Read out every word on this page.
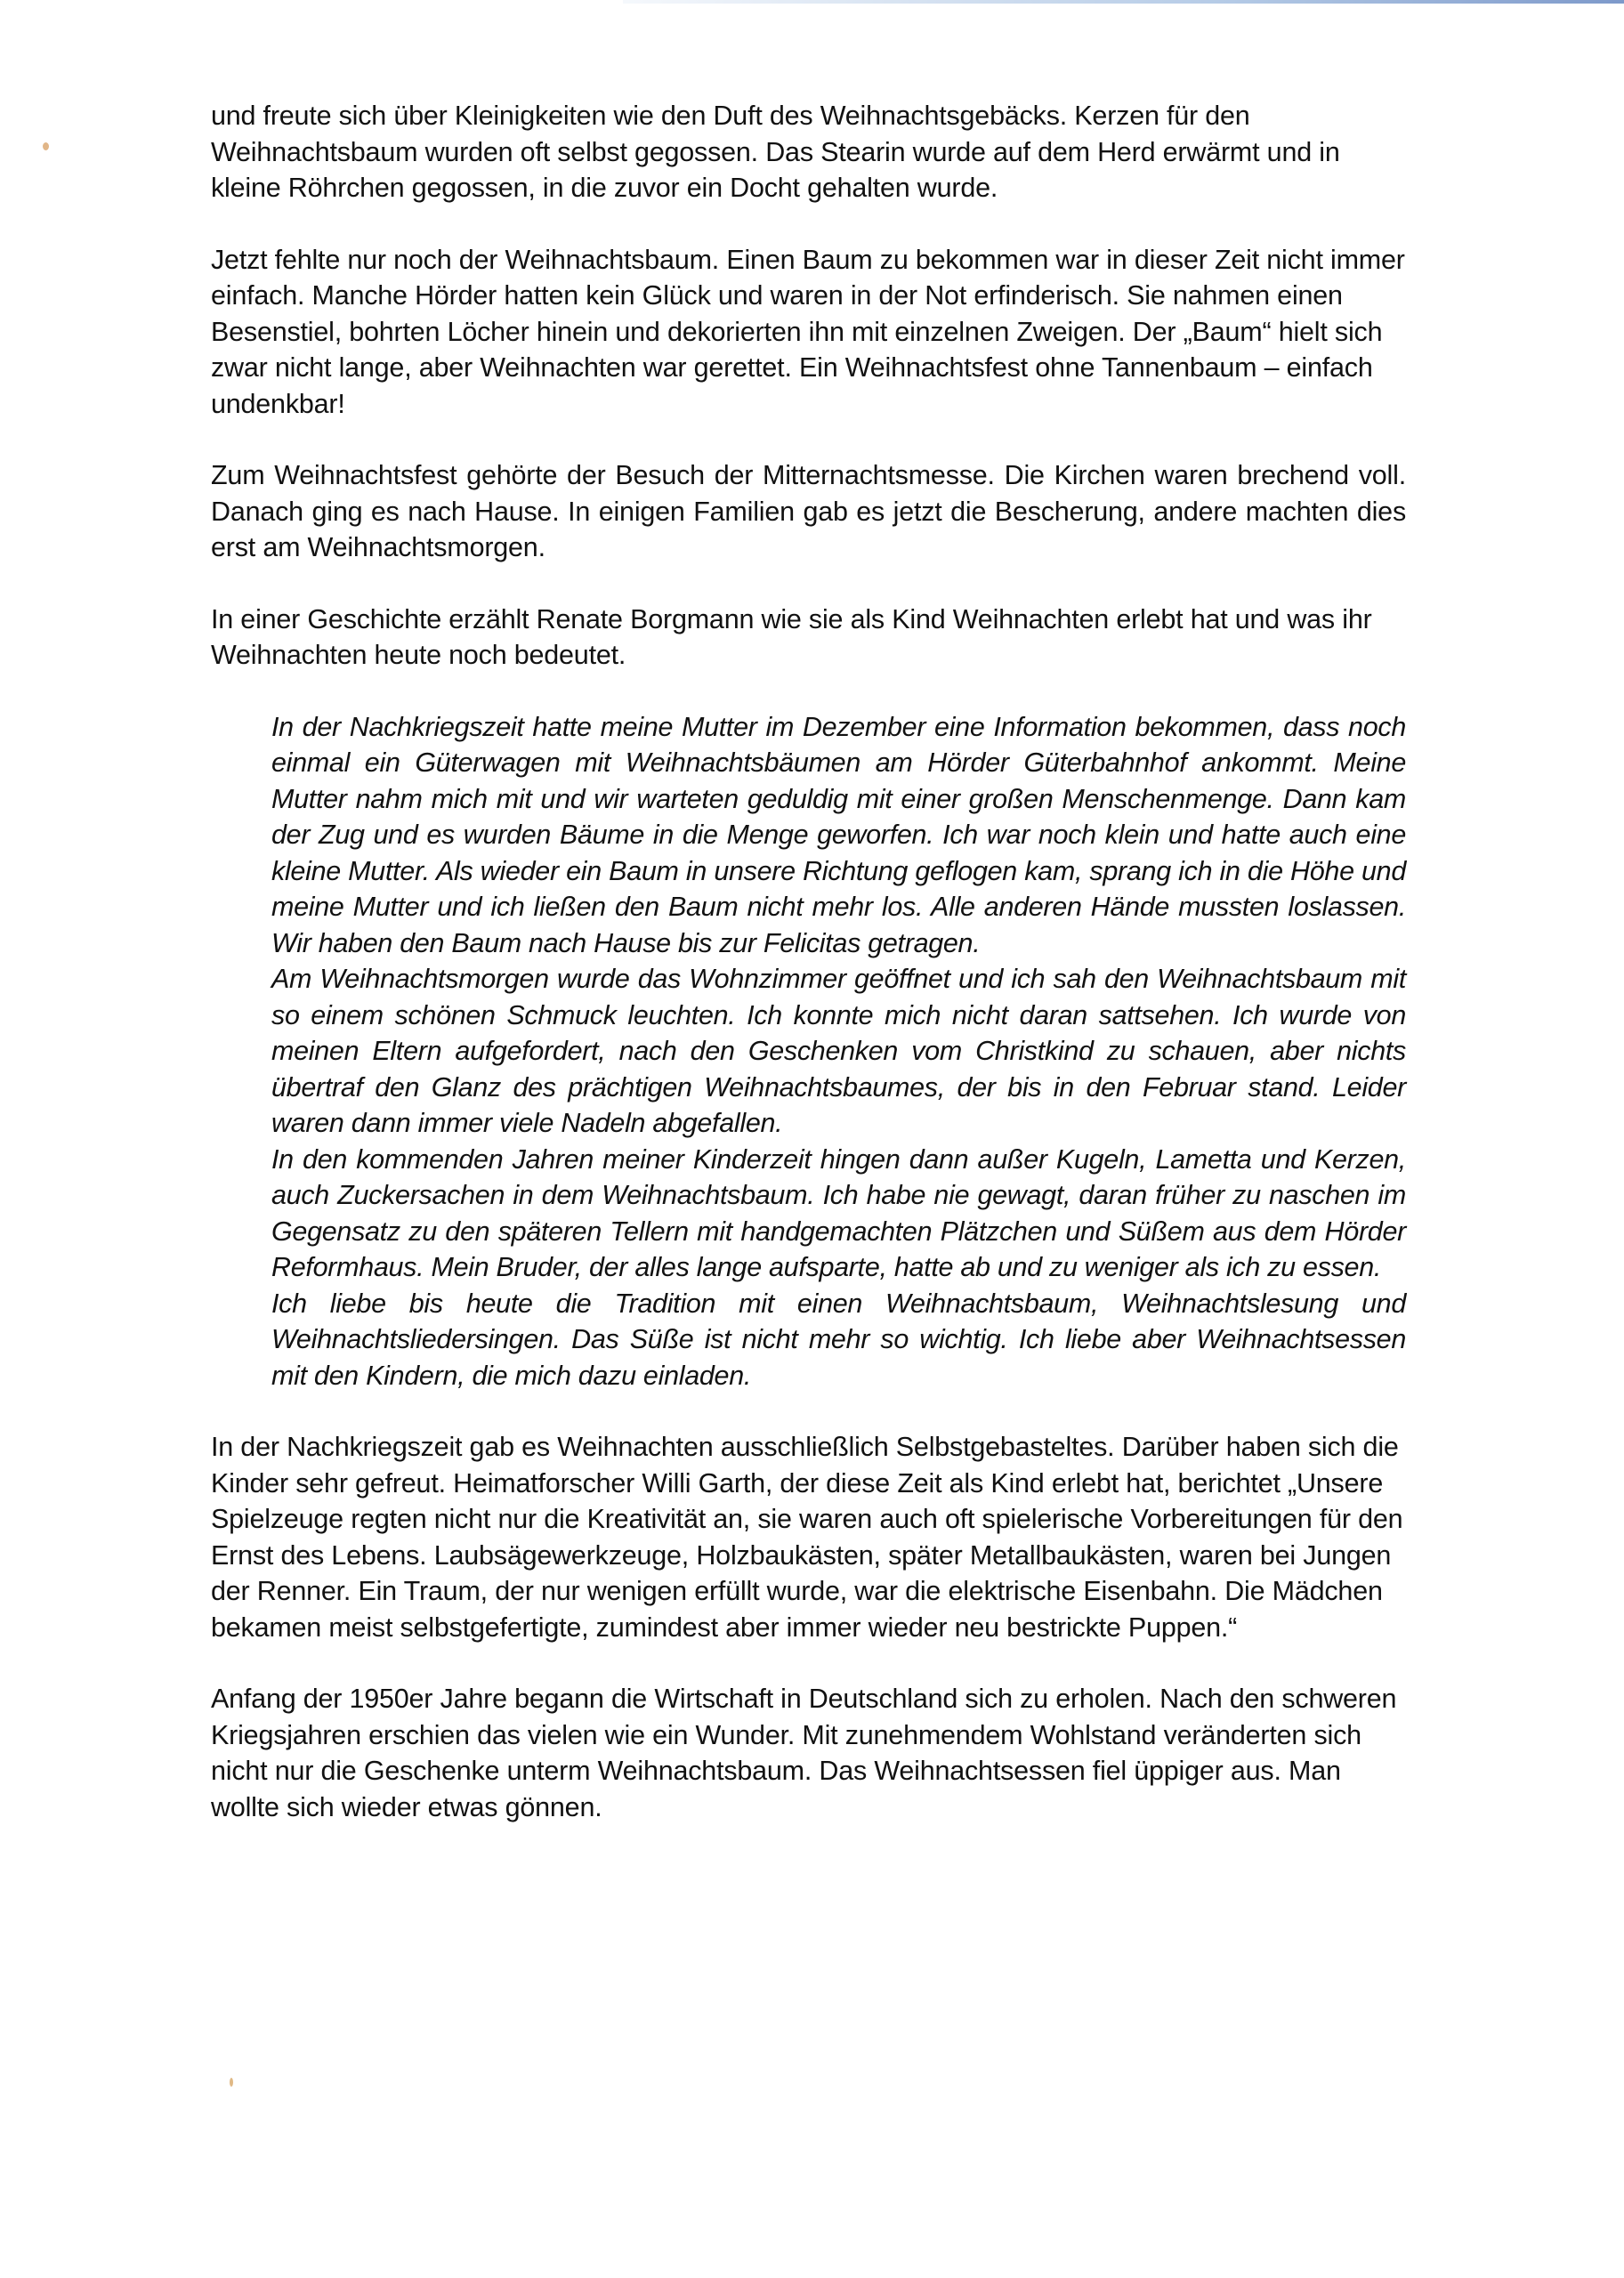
und freute sich über Kleinigkeiten wie den Duft des Weihnachtsgebäcks. Kerzen für den Weihnachtsbaum wurden oft selbst gegossen. Das Stearin wurde auf dem Herd erwärmt und in kleine Röhrchen gegossen, in die zuvor ein Docht gehalten wurde.

Jetzt fehlte nur noch der Weihnachtsbaum. Einen Baum zu bekommen war in dieser Zeit nicht immer einfach. Manche Hörder hatten kein Glück und waren in der Not erfinderisch. Sie nahmen einen Besenstiel, bohrten Löcher hinein und dekorierten ihn mit einzelnen Zweigen. Der „Baum“ hielt sich zwar nicht lange, aber Weihnachten war gerettet. Ein Weihnachtsfest ohne Tannenbaum – einfach undenkbar!

Zum Weihnachtsfest gehörte der Besuch der Mitternachtsmesse. Die Kirchen waren brechend voll. Danach ging es nach Hause. In einigen Familien gab es jetzt die Bescherung, andere machten dies erst am Weihnachtsmorgen.

In einer Geschichte erzählt Renate Borgmann wie sie als Kind Weihnachten erlebt hat und was ihr Weihnachten heute noch bedeutet.

In der Nachkriegszeit hatte meine Mutter im Dezember eine Information bekommen, dass noch einmal ein Güterwagen mit Weihnachtsbäumen am Hörder Güterbahnhof ankommt. Meine Mutter nahm mich mit und wir warteten geduldig mit einer großen Menschenmenge. Dann kam der Zug und es wurden Bäume in die Menge geworfen. Ich war noch klein und hatte auch eine kleine Mutter. Als wieder ein Baum in unsere Richtung geflogen kam, sprang ich in die Höhe und meine Mutter und ich ließen den Baum nicht mehr los. Alle anderen Hände mussten loslassen. Wir haben den Baum nach Hause bis zur Felicitas getragen.

Am Weihnachtsmorgen wurde das Wohnzimmer geöffnet und ich sah den Weihnachtsbaum mit so einem schönen Schmuck leuchten. Ich konnte mich nicht daran sattsehen. Ich wurde von meinen Eltern aufgefordert, nach den Geschenken vom Christkind zu schauen, aber nichts übertraf den Glanz des prächtigen Weihnachtsbaumes, der bis in den Februar stand. Leider waren dann immer viele Nadeln abgefallen.

In den kommenden Jahren meiner Kinderzeit hingen dann außer Kugeln, Lametta und Kerzen, auch Zuckersachen in dem Weihnachtsbaum. Ich habe nie gewagt, daran früher zu naschen im Gegensatz zu den späteren Tellern mit handgemachten Plätzchen und Süßem aus dem Hörder Reformhaus. Mein Bruder, der alles lange aufsparte, hatte ab und zu weniger als ich zu essen.

Ich liebe bis heute die Tradition mit einen Weihnachtsbaum, Weihnachtslesung und Weihnachtsliedersingen. Das Süße ist nicht mehr so wichtig. Ich liebe aber Weihnachtsessen mit den Kindern, die mich dazu einladen.

In der Nachkriegszeit gab es Weihnachten ausschließlich Selbstgebasteltes. Darüber haben sich die Kinder sehr gefreut. Heimatforscher Willi Garth, der diese Zeit als Kind erlebt hat, berichtet „Unsere Spielzeuge regten nicht nur die Kreativität an, sie waren auch oft spielerische Vorbereitungen für den Ernst des Lebens. Laubsägewerkzeuge, Holzbaukästen, später Metallbaukästen, waren bei Jungen der Renner. Ein Traum, der nur wenigen erfüllt wurde, war die elektrische Eisenbahn. Die Mädchen bekamen meist selbstgefertigte, zumindest aber immer wieder neu bestrickte Puppen.“

Anfang der 1950er Jahre begann die Wirtschaft in Deutschland sich zu erholen. Nach den schweren Kriegsjahren erschien das vielen wie ein Wunder. Mit zunehmendem Wohlstand veränderten sich nicht nur die Geschenke unterm Weihnachtsbaum. Das Weihnachtsessen fiel üppiger aus. Man wollte sich wieder etwas gönnen.
